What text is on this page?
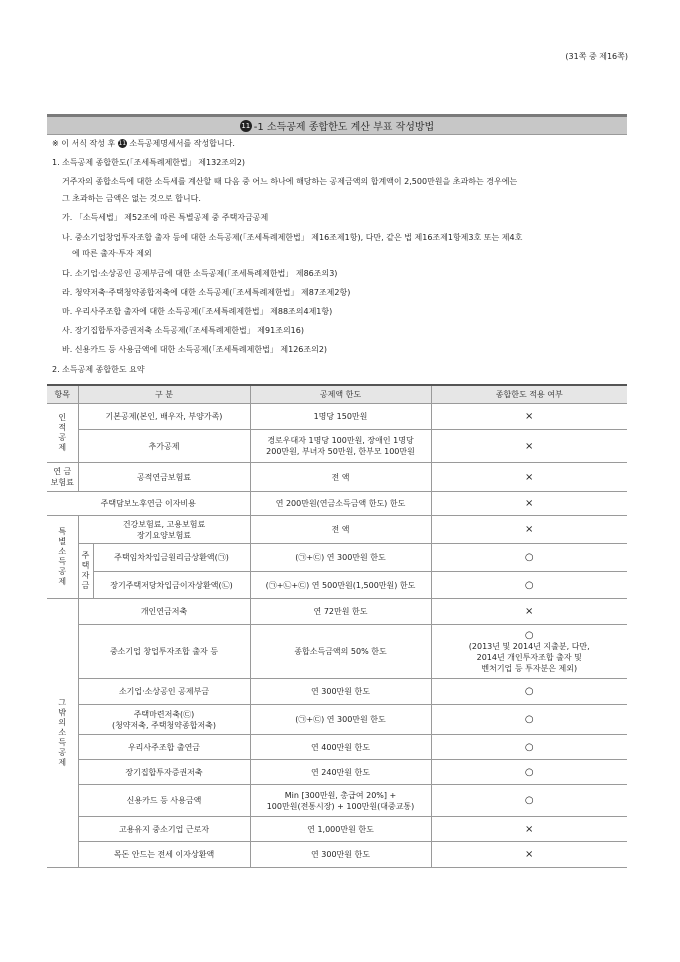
(31쪽 중 제16쪽)
11 -1 소득공제 종합한도 계산 부표 작성방법
※ 이 서식 작성 후 11 소득공제명세서를 작성합니다.
1. 소득공제 종합한도(「조세특례제한법」 제132조의2)
거주자의 종합소득에 대한 소득세를 계산할 때 다음 중 어느 하나에 해당하는 공제금액의 합계액이 2,500만원을 초과하는 경우에는
그 초과하는 금액은 없는 것으로 합니다.
가. 「소득세법」 제52조에 따른 특별공제 중 주택자금공제
나. 중소기업창업투자조합 출자 등에 대한 소득공제(「조세특례제한법」 제16조제1항), 다만, 같은 법 제16조제1항제3호 또는 제4호
에 따른 출자·투자 제외
다. 소기업·소상공인 공제부금에 대한 소득공제(「조세특례제한법」 제86조의3)
라. 청약저축·주택청약종합저축에 대한 소득공제(「조세특례제한법」 제87조제2항)
마. 우리사주조합 출자에 대한 소득공제(「조세특례제한법」 제88조의4제1항)
사. 장기집합투자증권저축 소득공제(「조세특례제한법」 제91조의16)
바. 신용카드 등 사용금액에 대한 소득공제(「조세특례제한법」 제126조의2)
2. 소득공제 종합한도 요약
항목	구 분		공제액 한도	종합한도 적용 여부

인적공제	기본공제(본인, 배우자, 부양가족)		1명당 150만원	×
	추가공제		경로우대자 1명당 100만원, 장애인 1명당
200만원, 부녀자 50만원, 한부모 100만원	×
연 금 보험료	공적연금보험료		전 액	×
주택담보노후연금 이자비용			연 200만원(연금소득금액 한도) 한도	×

특별소득공제	건강보험료, 고용보험료
장기요양보험료		전 액	×

	주택자금	주택임차차입금원리금상환액(㉠)	(㉠+㉢) 연 300만원 한도	○
		장기주택저당차입금이자상환액(㉡)	(㉠+㉡+㉢) 연 500만원(1,500만원) 한도	○

그 밖의 소득공제	개인연금저축		연 72만원 한도	×
	중소기업 창업투자조합 출자 등		종합소득금액의 50% 한도	○
(2013년 및 2014년 지출분, 다만,
2014년 개인투자조합 출자 및
벤처기업 등 투자분은 제외)

	소기업·소상공인 공제부금		연 300만원 한도	○

	주택마련저축(㉢)
(청약저축, 주택청약종합저축)		(㉠+㉢) 연 300만원 한도	○
	우리사주조합 출연금		연 400만원 한도	○
	장기집합투자증권저축		연 240만원 한도	○
	신용카드 등 사용금액		Min [300만원, 총급여 20%] +
100만원(전통시장) + 100만원(대중교통)	○
	고용유지 중소기업 근로자		연 1,000만원 한도	×
	목돈 안드는 전세 이자상환액		연 300만원 한도	×
